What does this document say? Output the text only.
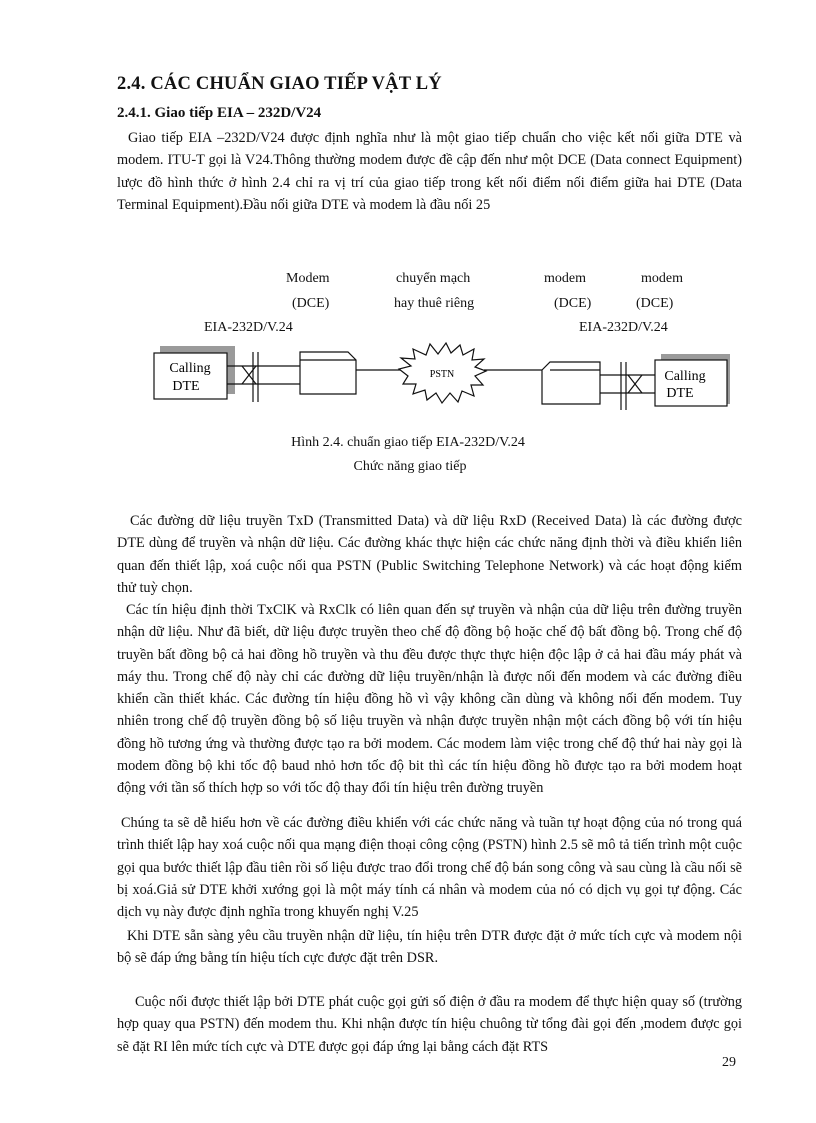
2.4. CÁC CHUẨN GIAO TIẾP VẬT LÝ
2.4.1. Giao tiếp EIA – 232D/V24

Giao tiếp EIA –232D/V24 được định nghĩa như là một giao tiếp chuẩn cho việc kết nối giữa DTE và modem. ITU-T gọi là V24.Thông thường modem được đề cập đến như một DCE (Data connect Equipment) lược đồ hình thức ở hình 2.4 chỉ ra vị trí của giao tiếp trong kết nối điểm nối điểm giữa hai DTE (Data Terminal Equipment).Đầu nối giữa DTE và modem là đầu nối 25

Modem
(DCE)
chuyển mạch
hay thuê riêng
modem
(DCE)
modem
(DCE)
EIA-232D/V.24	EIA-232D/V.24
Calling
DTE
PSTN	Calling
DTE
Hình 2.4. chuẩn giao tiếp EIA-232D/V.24
Chức năng giao tiếp

Các đường dữ liệu truyền TxD (Transmitted Data) và dữ liệu RxD (Received Data) là các đường được DTE dùng để truyền và nhận dữ liệu. Các đường khác thực hiện các chức năng định thời và điều khiển liên quan đến thiết lập, xoá cuộc nối qua PSTN (Public Switching Telephone Network) và các hoạt động kiểm thử tuỳ chọn.

Các tín hiệu định thời TxClK và RxClk có liên quan đến sự truyền và nhận của dữ liệu trên đường truyền nhận dữ liệu. Như đã biết, dữ liệu được truyền theo chế độ đồng bộ hoặc chế độ bất đồng bộ. Trong chế độ truyền bất đồng bộ cả hai đồng hồ truyền và thu đều được thực thực hiện độc lập ở cả hai đầu máy phát và máy thu. Trong chế độ này chỉ các đường dữ liệu truyền/nhận là được nối đến modem và các đường điều khiển cần thiết khác. Các đường tín hiệu đồng hồ vì vậy không cần dùng và không nối đến modem. Tuy nhiên trong chế độ truyền đồng bộ số liệu truyền và nhận được truyền nhận một cách đồng bộ với tín hiệu đồng hồ tương ứng và thường được tạo ra bởi modem. Các modem làm việc trong chế độ thứ hai này gọi là modem đồng bộ khi tốc độ baud nhỏ hơn tốc độ bit thì các tín hiệu đồng hồ được tạo ra bởi modem hoạt động với tần số thích hợp so với tốc độ thay đổi tín hiệu trên đường truyền

Chúng ta sẽ dễ hiểu hơn về các đường điều khiển với các chức năng và tuần tự hoạt động của nó trong quá trình thiết lập hay xoá cuộc nối qua mạng điện thoại công cộng (PSTN) hình 2.5 sẽ mô tả tiến trình một cuộc gọi qua bước thiết lập đầu tiên rồi số liệu được trao đổi trong chế độ bán song công và sau cùng là cầu nối sẽ bị xoá.Giả sử DTE khởi xướng gọi là một máy tính cá nhân và modem của nó có dịch vụ gọi tự động. Các dịch vụ này được định nghĩa trong khuyến nghị V.25

Khi DTE sẵn sàng yêu cầu truyền nhận dữ liệu, tín hiệu trên DTR được đặt ở mức tích cực và modem nội bộ sẽ đáp ứng bằng tín hiệu tích cực được đặt trên DSR.

Cuộc nối được thiết lập bởi DTE phát cuộc gọi gửi số điện ở đầu ra modem để thực hiện quay số (trường hợp quay qua PSTN) đến modem thu. Khi nhận được tín hiệu chuông từ tổng đài gọi đến ,modem được gọi sẽ đặt RI lên mức tích cực và DTE được gọi đáp ứng lại bằng cách đặt RTS

29
